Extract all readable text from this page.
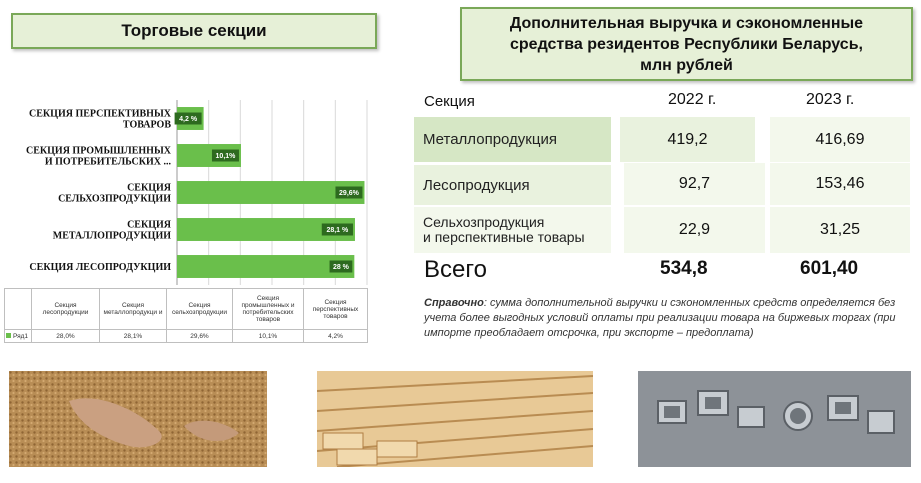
Торговые секции	Дополнительная выручка и сэкономленные
средства резидентов Республики Беларусь,
млн рублей
СЕКЦИЯ ПЕРСПЕКТИВНЫХ ТОВАРОВ 4,2 %
СЕКЦИЯ ПРОМЫШЛЕННЫХ И ПОТРЕБИТЕЛЬСКИХ ...	10,1%
СЕКЦИЯ СЕЛЬХОЗПРОДУКЦИИ	29,6%
СЕКЦИЯ МЕТАЛЛОПРОДУКЦИИ	28,1 %
СЕКЦИЯ ЛЕСОПРОДУКЦИИ	28 %
	Секция лесопродукции	Секция металлопродукци и	Секция сельхозпродукции	Секция промышленных и потребительских товаров	Секция перспективных товаров
Ряд1	28,0%	28,1%	29,6%	10,1%	4,2%
Секция	2022 г.	2023 г.
Металлопродукция	419,2	416,69
Лесопродукция	92,7	153,46
Сельхозпродукция
и перспективные товары	22,9	31,25
Всего	534,8	601,40
Справочно: сумма дополнительной выручки и сэкономленных средств определяется без учета более выгодных условий оплаты при реализации товара на биржевых торгах (при импорте преобладает отсрочка, при экспорте – предоплата)
